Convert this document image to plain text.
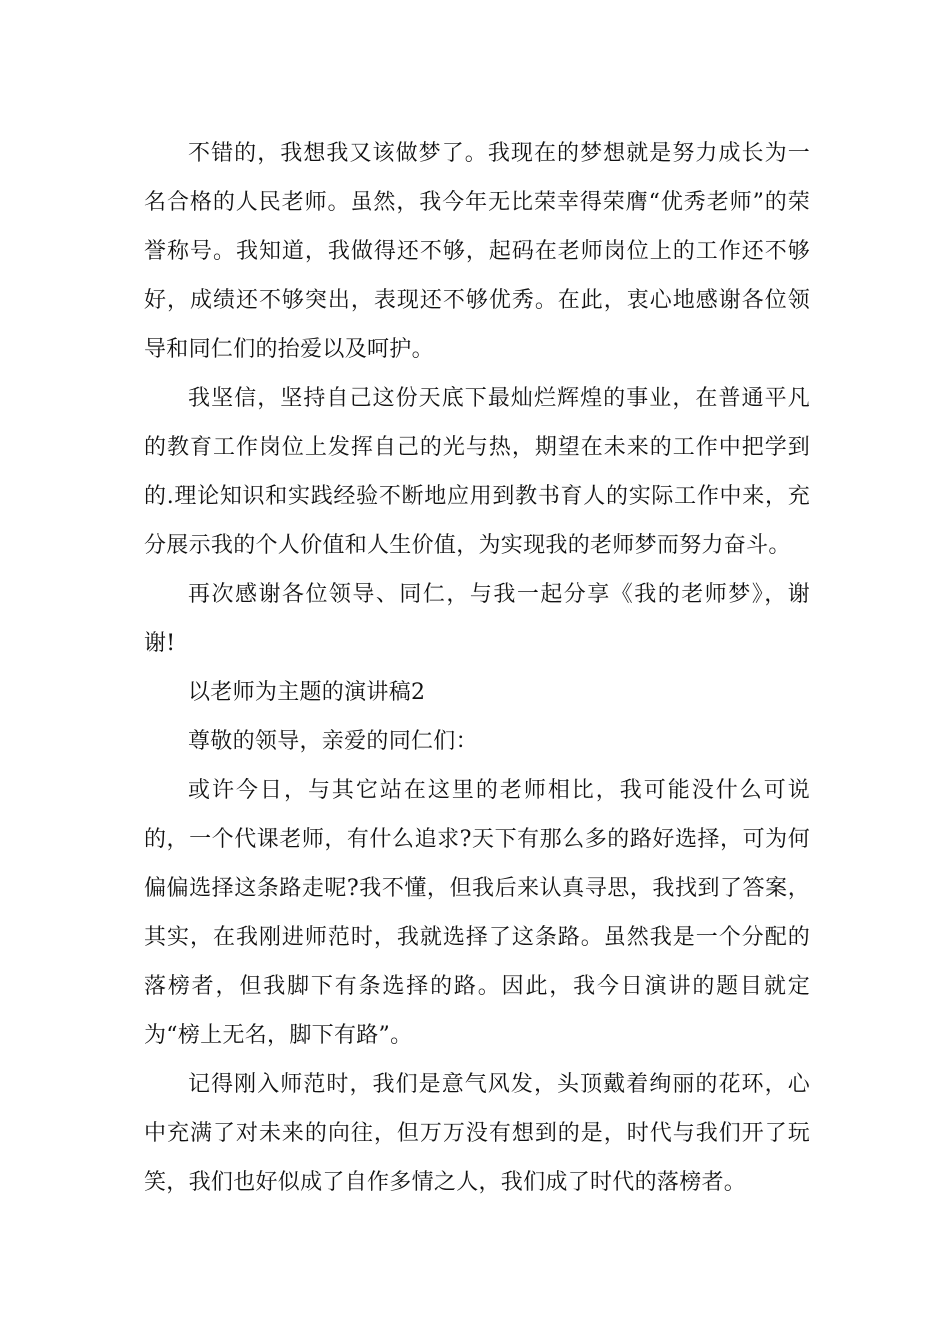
不错的，我想我又该做梦了。我现在的梦想就是努力成长为一名合格的人民老师。虽然，我今年无比荣幸得荣膺“优秀老师”的荣誉称号。我知道，我做得还不够，起码在老师岗位上的工作还不够好，成绩还不够突出，表现还不够优秀。在此，衷心地感谢各位领导和同仁们的抬爱以及呵护。

我坚信，坚持自己这份天底下最灿烂辉煌的事业，在普通平凡的教育工作岗位上发挥自己的光与热，期望在未来的工作中把学到的.理论知识和实践经验不断地应用到教书育人的实际工作中来，充分展示我的个人价值和人生价值，为实现我的老师梦而努力奋斗。

再次感谢各位领导、同仁，与我一起分享《我的老师梦》，谢谢!

以老师为主题的演讲稿2

尊敬的领导，亲爱的同仁们：

或许今日，与其它站在这里的老师相比，我可能没什么可说的，一个代课老师，有什么追求?天下有那么多的路好选择，可为何偏偏选择这条路走呢?我不懂，但我后来认真寻思，我找到了答案，其实，在我刚进师范时，我就选择了这条路。虽然我是一个分配的落榜者，但我脚下有条选择的路。因此，我今日演讲的题目就定为“榜上无名，脚下有路”。

记得刚入师范时，我们是意气风发，头顶戴着绚丽的花环，心中充满了对未来的向往，但万万没有想到的是，时代与我们开了玩笑，我们也好似成了自作多情之人，我们成了时代的落榜者。
